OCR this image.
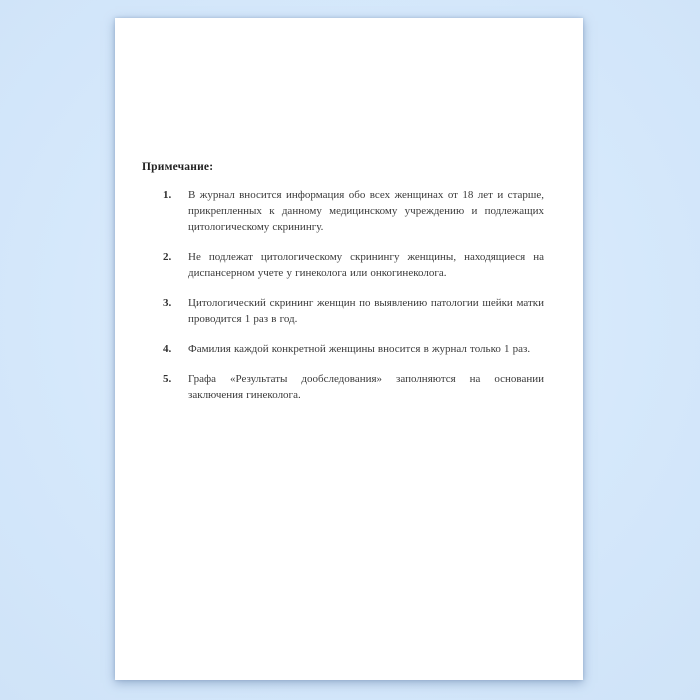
Примечание:
1.	В журнал вносится информация обо всех женщинах от 18 лет и старше, прикрепленных к данному медицинскому учреждению и подлежащих цитологическому скринингу.
2.	Не подлежат цитологическому скринингу женщины, находящиеся на диспансерном учете у гинеколога или онкогинеколога.
3.	Цитологический скрининг женщин по выявлению патологии шейки матки проводится 1 раз в год.
4.	Фамилия каждой конкретной женщины вносится в журнал только 1 раз.
5.	Графа «Результаты дообследования» заполняются на основании заключения гинеколога.
